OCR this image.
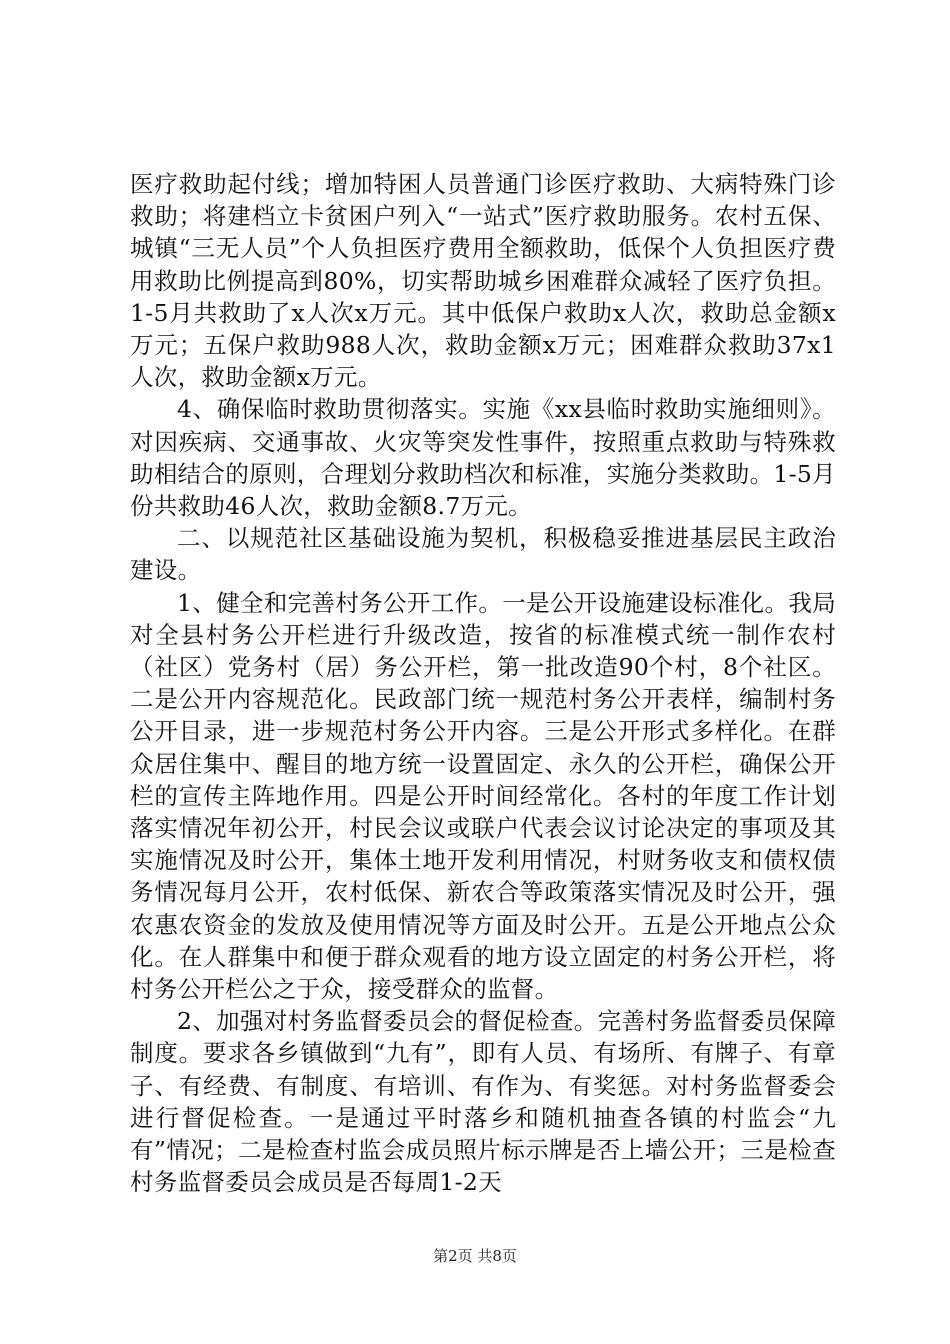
医疗救助起付线；增加特困人员普通门诊医疗救助、大病特殊门诊救助；将建档立卡贫困户列入“一站式”医疗救助服务。农村五保、城镇“三无人员”个人负担医疗费用全额救助，低保个人负担医疗费用救助比例提高到80%，切实帮助城乡困难群众减轻了医疗负担。1-5月共救助了x人次x万元。其中低保户救助x人次，救助总金额x万元；五保户救助988人次，救助金额x万元；困难群众救助37x1人次，救助金额x万元。

4、确保临时救助贯彻落实。实施《xx县临时救助实施细则》。对因疾病、交通事故、火灾等突发性事件，按照重点救助与特殊救助相结合的原则，合理划分救助档次和标准，实施分类救助。1-5月份共救助46人次，救助金额8.7万元。

二、以规范社区基础设施为契机，积极稳妥推进基层民主政治建设。

1、健全和完善村务公开工作。一是公开设施建设标准化。我局对全县村务公开栏进行升级改造，按省的标准模式统一制作农村（社区）党务村（居）务公开栏，第一批改造90个村，8个社区。二是公开内容规范化。民政部门统一规范村务公开表样，编制村务公开目录，进一步规范村务公开内容。三是公开形式多样化。在群众居住集中、醒目的地方统一设置固定、永久的公开栏，确保公开栏的宣传主阵地作用。四是公开时间经常化。各村的年度工作计划落实情况年初公开，村民会议或联户代表会议讨论决定的事项及其实施情况及时公开，集体土地开发利用情况，村财务收支和债权债务情况每月公开，农村低保、新农合等政策落实情况及时公开，强农惠农资金的发放及使用情况等方面及时公开。五是公开地点公众化。在人群集中和便于群众观看的地方设立固定的村务公开栏，将村务公开栏公之于众，接受群众的监督。

2、加强对村务监督委员会的督促检查。完善村务监督委员保障制度。要求各乡镇做到“九有”，即有人员、有场所、有牌子、有章子、有经费、有制度、有培训、有作为、有奖惩。对村务监督委会进行督促检查。一是通过平时落乡和随机抽查各镇的村监会“九有”情况；二是检查村监会成员照片标示牌是否上墙公开；三是检查村务监督委员会成员是否每周1-2天

第2页 共8页
